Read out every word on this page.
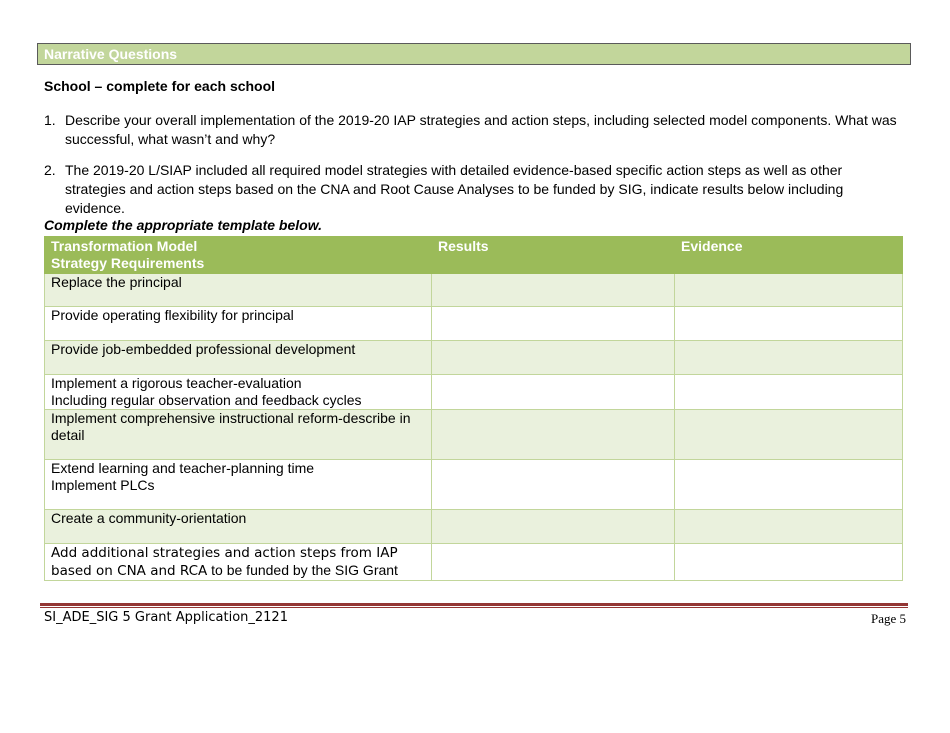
Narrative Questions
School – complete for each school
1. Describe your overall implementation of the 2019-20 IAP strategies and action steps, including selected model components. What was successful, what wasn’t and why?
2. The 2019-20 L/SIAP included all required model strategies with detailed evidence-based specific action steps as well as other strategies and action steps based on the CNA and Root Cause Analyses to be funded by SIG, indicate results below including evidence.
Complete the appropriate template below.
Transformation Model
Strategy Requirements	Results	Evidence

Replace the principal		

Provide operating flexibility for principal		

Provide job-embedded professional development		

Implement a rigorous teacher-evaluation
Including regular observation and feedback cycles		

Implement comprehensive instructional reform-describe in detail		

Extend learning and teacher-planning time
Implement PLCs		

Create a community-orientation		

Add additional strategies and action steps from IAP based on CNA and RCA to be funded by the SIG Grant		
SI_ADE_SIG 5 Grant Application_2121	Page 5
